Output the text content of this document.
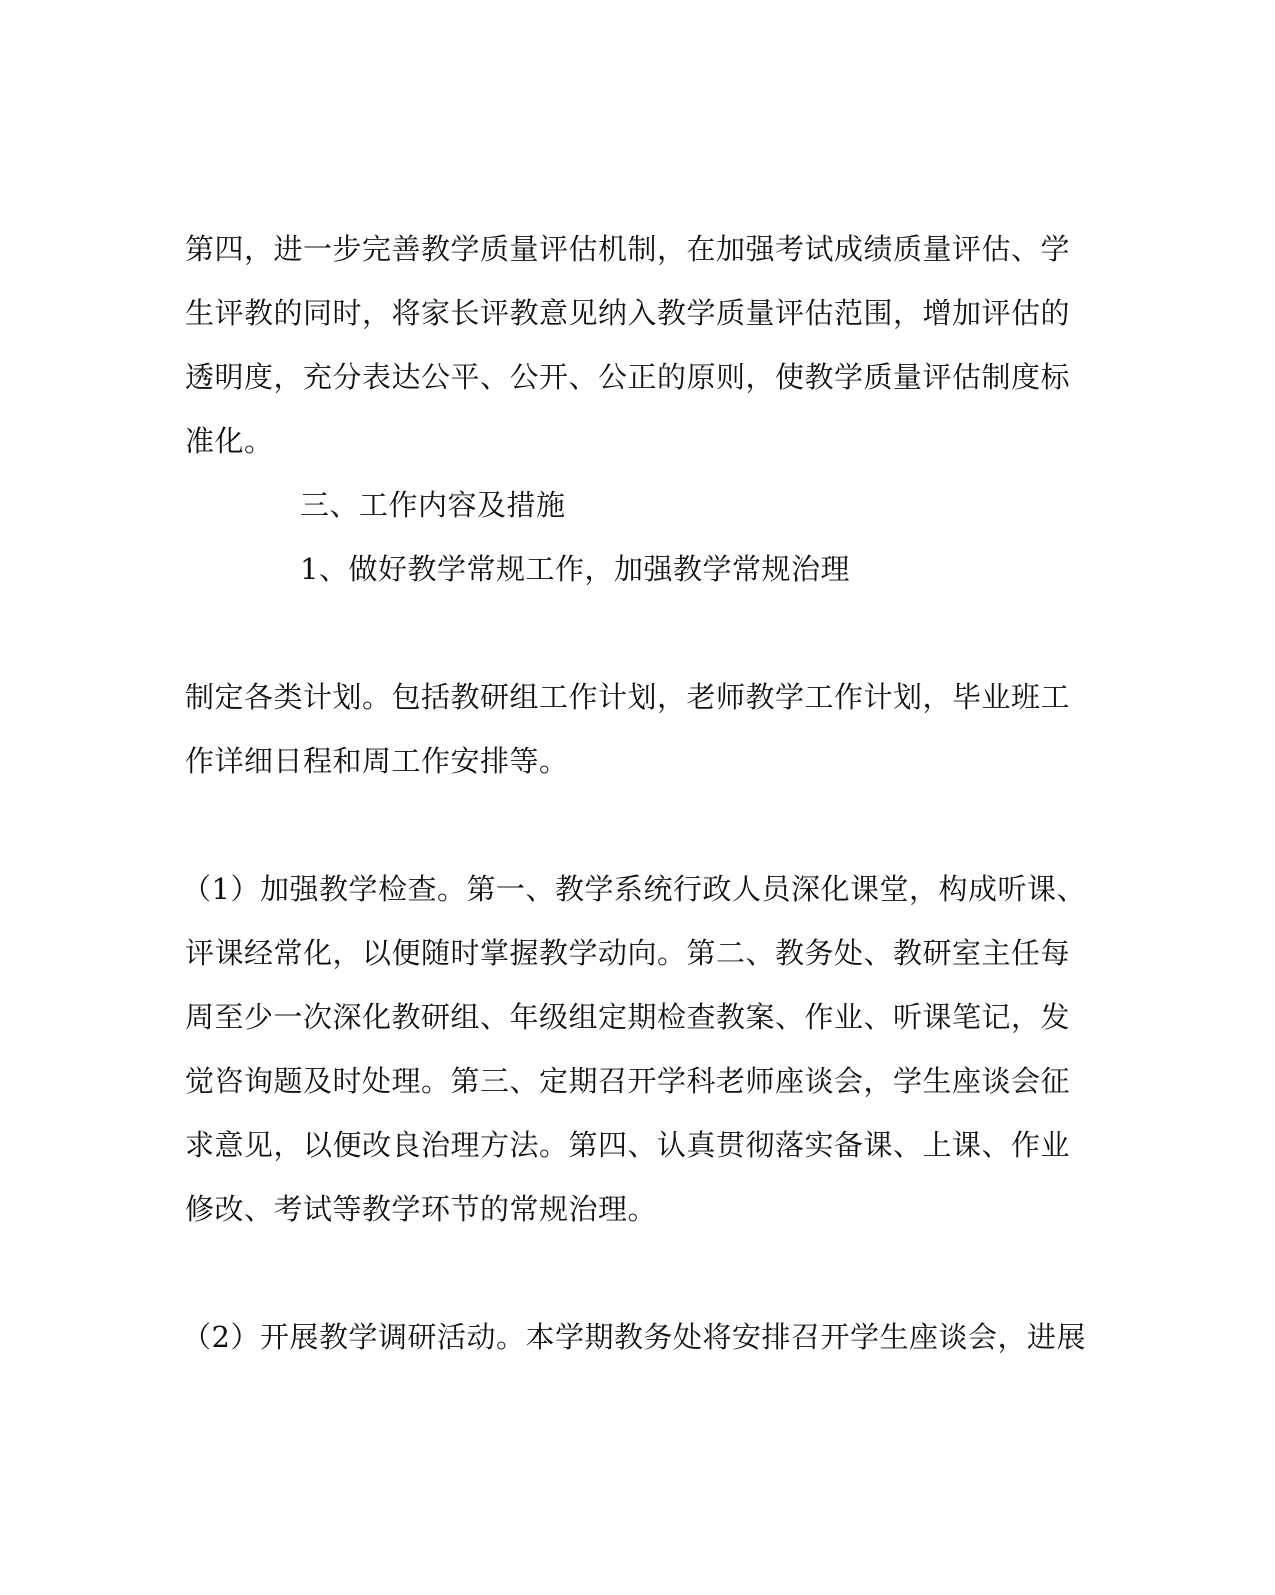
第四，进一步完善教学质量评估机制，在加强考试成绩质量评估、学
生评教的同时，将家长评教意见纳入教学质量评估范围，增加评估的
透明度，充分表达公平、公开、公正的原则，使教学质量评估制度标
准化。
三、工作内容及措施
1、做好教学常规工作，加强教学常规治理
制定各类计划。包括教研组工作计划，老师教学工作计划，毕业班工
作详细日程和周工作安排等。
（1）加强教学检查。第一、教学系统行政人员深化课堂，构成听课、
评课经常化，以便随时掌握教学动向。第二、教务处、教研室主任每
周至少一次深化教研组、年级组定期检查教案、作业、听课笔记，发
觉咨询题及时处理。第三、定期召开学科老师座谈会，学生座谈会征
求意见，以便改良治理方法。第四、认真贯彻落实备课、上课、作业
修改、考试等教学环节的常规治理。
（2）开展教学调研活动。本学期教务处将安排召开学生座谈会，进展
